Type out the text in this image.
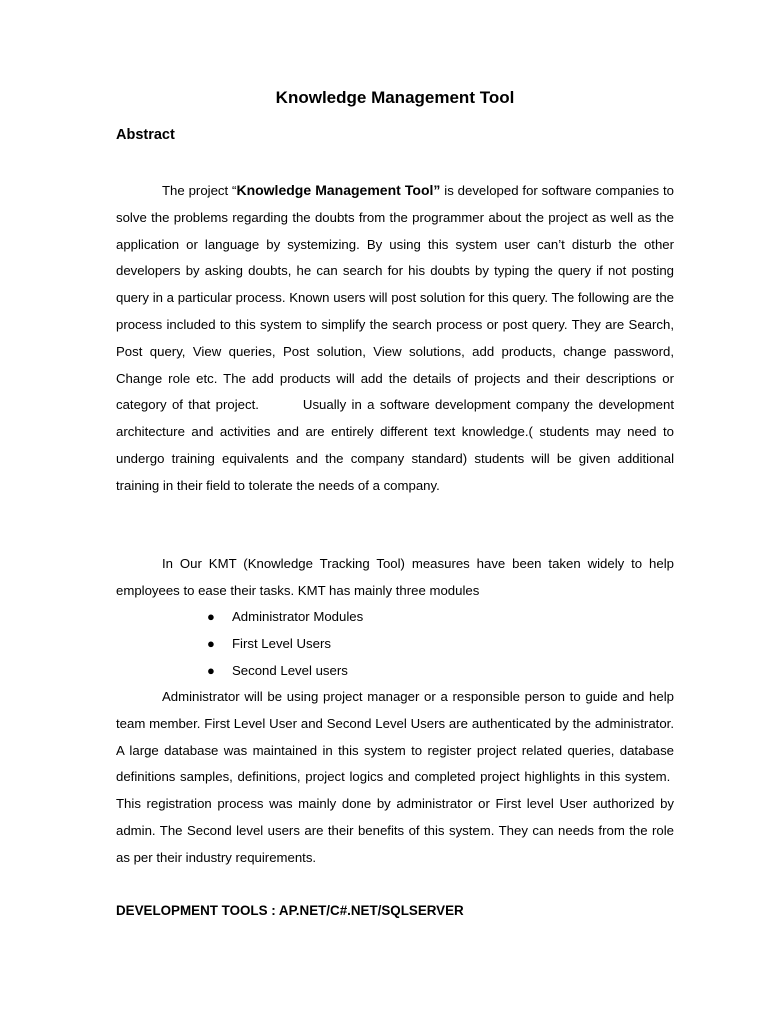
Knowledge Management Tool
Abstract
The project “Knowledge Management Tool” is developed for software companies to solve the problems regarding the doubts from the programmer about the project as well as the application or language by systemizing. By using this system user can’t disturb the other developers by asking doubts, he can search for his doubts by typing the query if not posting query in a particular process. Known users will post solution for this query. The following are the process included to this system to simplify the search process or post query. They are Search, Post query, View queries, Post solution, View solutions, add products, change password, Change role etc. The add products will add the details of projects and their descriptions or category of that project.	Usually in a software development company the development architecture and activities and are entirely different text knowledge.( students may need to undergo training equivalents and the company standard) students will be given additional training in their field to tolerate the needs of a company.
In Our KMT (Knowledge Tracking Tool) measures have been taken widely to help employees to ease their tasks. KMT has mainly three modules
● Administrator Modules
● First Level Users
● Second Level users
Administrator will be using project manager or a responsible person to guide and help team member. First Level User and Second Level Users are authenticated by the administrator. A large database was maintained in this system to register project related queries, database definitions samples, definitions, project logics and completed project highlights in this system.  This registration process was mainly done by administrator or First level User authorized by admin. The Second level users are their benefits of this system. They can needs from the role as per their industry requirements.
DEVELOPMENT TOOLS : AP.NET/C#.NET/SQLSERVER
